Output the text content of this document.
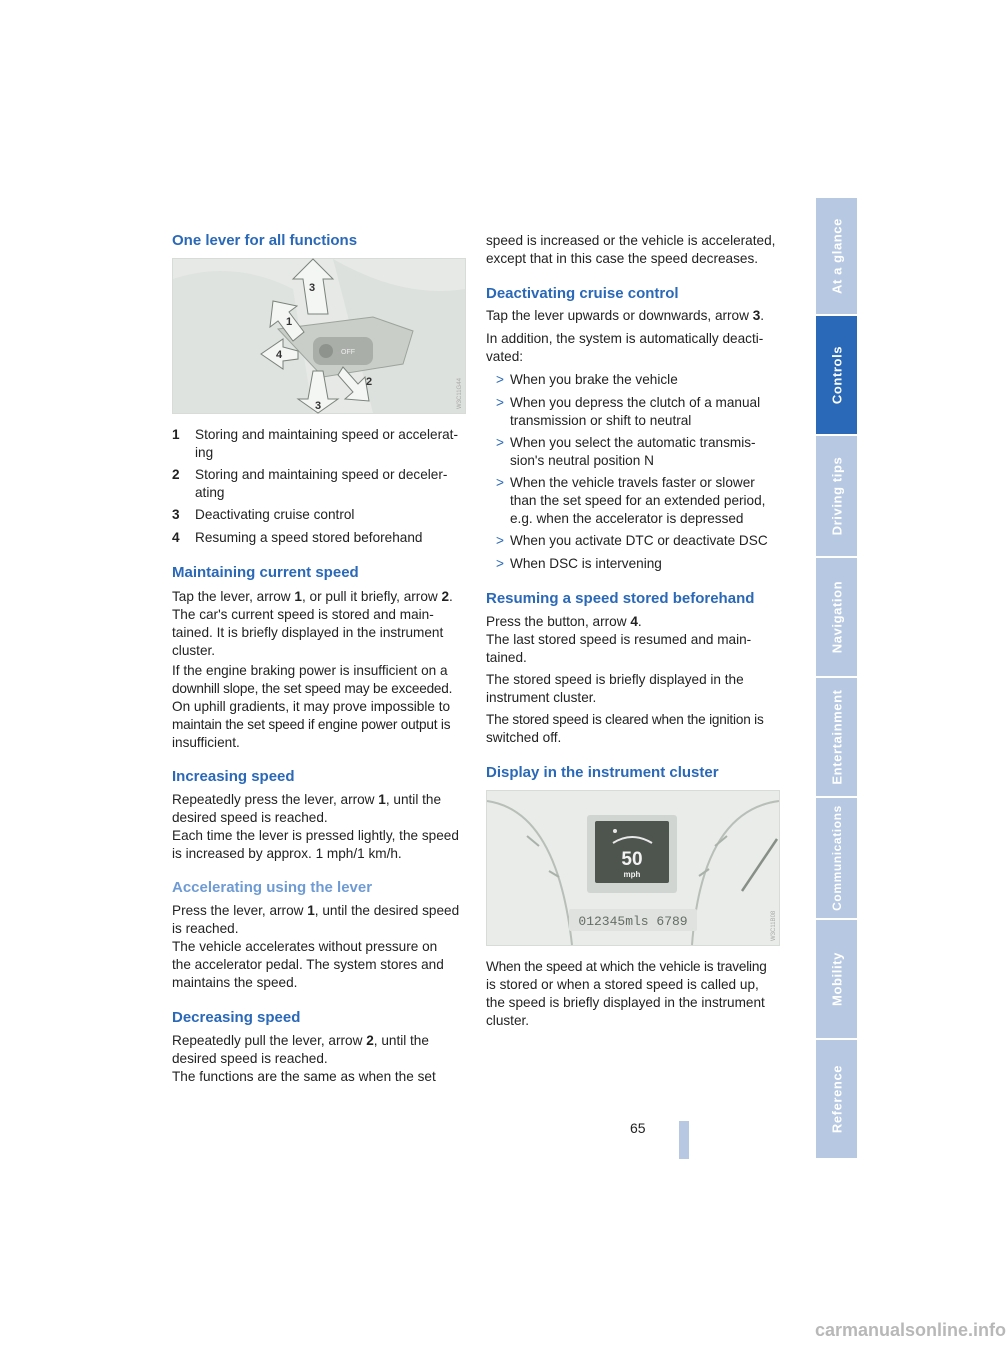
At a glance
Controls
Driving tips
Navigation
Entertainment
Communications
Mobility
Reference
One lever for all functions
3
1
4
2
3
OFF
W3C11G44
1 Storing and maintaining speed or accelerat-
ing
2 Storing and maintaining speed or deceler-
ating
3 Deactivating cruise control
4 Resuming a speed stored beforehand
Maintaining current speed
Tap the lever, arrow 1, or pull it briefly, arrow 2.
The car's current speed is stored and main-
tained. It is briefly displayed in the instrument
cluster.
If the engine braking power is insufficient on a
downhill slope, the set speed may be exceeded.
On uphill gradients, it may prove impossible to
maintain the set speed if engine power output is
insufficient.
Increasing speed
Repeatedly press the lever, arrow 1, until the
desired speed is reached.
Each time the lever is pressed lightly, the speed
is increased by approx. 1 mph/1 km/h.
Accelerating using the lever
Press the lever, arrow 1, until the desired speed
is reached.
The vehicle accelerates without pressure on
the accelerator pedal. The system stores and
maintains the speed.
Decreasing speed
Repeatedly pull the lever, arrow 2, until the
desired speed is reached.
The functions are the same as when the set
speed is increased or the vehicle is accelerated,
except that in this case the speed decreases.
Deactivating cruise control
Tap the lever upwards or downwards, arrow 3.
In addition, the system is automatically deacti-
vated:
> When you brake the vehicle
> When you depress the clutch of a manual
transmission or shift to neutral
> When you select the automatic transmis-
sion's neutral position N
> When the vehicle travels faster or slower
than the set speed for an extended period,
e.g. when the accelerator is depressed
> When you activate DTC or deactivate DSC
> When DSC is intervening
Resuming a speed stored beforehand
Press the button, arrow 4.
The last stored speed is resumed and main-
tained.
The stored speed is briefly displayed in the
instrument cluster.
The stored speed is cleared when the ignition is
switched off.
Display in the instrument cluster
50
mph
012345mls 6789	W3C11B08
When the speed at which the vehicle is traveling
is stored or when a stored speed is called up,
the speed is briefly displayed in the instrument
cluster.
65
carmanualsonline.info
